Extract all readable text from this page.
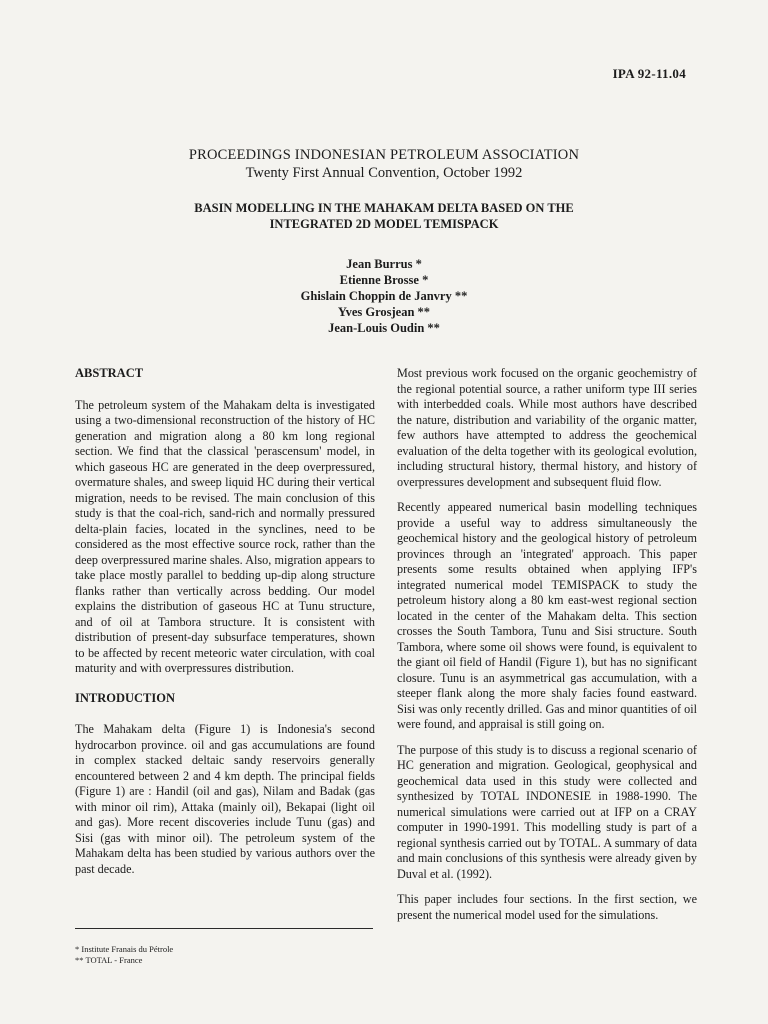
IPA 92-11.04
PROCEEDINGS INDONESIAN PETROLEUM ASSOCIATION
Twenty First Annual Convention, October 1992
BASIN MODELLING IN THE MAHAKAM DELTA BASED ON THE
INTEGRATED 2D MODEL TEMISPACK
Jean Burrus *
Etienne Brosse *
Ghislain Choppin de Janvry **
Yves Grosjean **
Jean-Louis Oudin **
ABSTRACT

The petroleum system of the Mahakam delta is investigated using a two-dimensional reconstruction of the history of HC generation and migration along a 80 km long regional section. We find that the classical 'perascensum' model, in which gaseous HC are generated in the deep overpressured, overmature shales, and sweep liquid HC during their vertical migration, needs to be revised. The main conclusion of this study is that the coal-rich, sand-rich and normally pressured delta-plain facies, located in the synclines, need to be considered as the most effective source rock, rather than the deep overpressured marine shales. Also, migration appears to take place mostly parallel to bedding up-dip along structure flanks rather than vertically across bedding. Our model explains the distribution of gaseous HC at Tunu structure, and of oil at Tambora structure. It is consistent with distribution of present-day subsurface temperatures, shown to be affected by recent meteoric water circulation, with coal maturity and with overpressures distribution.

INTRODUCTION

The Mahakam delta (Figure 1) is Indonesia's second hydrocarbon province. oil and gas accumulations are found in complex stacked deltaic sandy reservoirs generally encountered between 2 and 4 km depth. The principal fields (Figure 1) are : Handil (oil and gas), Nilam and Badak (gas with minor oil rim), Attaka (mainly oil), Bekapai (light oil and gas). More recent discoveries include Tunu (gas) and Sisi (gas with minor oil). The petroleum system of the Mahakam delta has been studied by various authors over the past decade.

* Institute Franais du Pétrole
** TOTAL - France

Most previous work focused on the organic geochemistry of the regional potential source, a rather uniform type III series with interbedded coals. While most authors have described the nature, distribution and variability of the organic matter, few authors have attempted to address the geochemical evaluation of the delta together with its geological evolution, including structural history, thermal history, and history of overpressures development and subsequent fluid flow.

Recently appeared numerical basin modelling techniques provide a useful way to address simultaneously the geochemical history and the geological history of petroleum provinces through an 'integrated' approach. This paper presents some results obtained when applying IFP's integrated numerical model TEMISPACK to study the petroleum history along a 80 km east-west regional section located in the center of the Mahakam delta. This section crosses the South Tambora, Tunu and Sisi structure. South Tambora, where some oil shows were found, is equivalent to the giant oil field of Handil (Figure 1), but has no significant closure. Tunu is an asymmetrical gas accumulation, with a steeper flank along the more shaly facies found eastward. Sisi was only recently drilled. Gas and minor quantities of oil were found, and appraisal is still going on.

The purpose of this study is to discuss a regional scenario of HC generation and migration. Geological, geophysical and geochemical data used in this study were collected and synthesized by TOTAL INDONESIE in 1988-1990. The numerical simulations were carried out at IFP on a CRAY computer in 1990-1991. This modelling study is part of a regional synthesis carried out by TOTAL. A summary of data and main conclusions of this synthesis were already given by Duval et al. (1992).

This paper includes four sections. In the first section, we present the numerical model used for the simulations.
